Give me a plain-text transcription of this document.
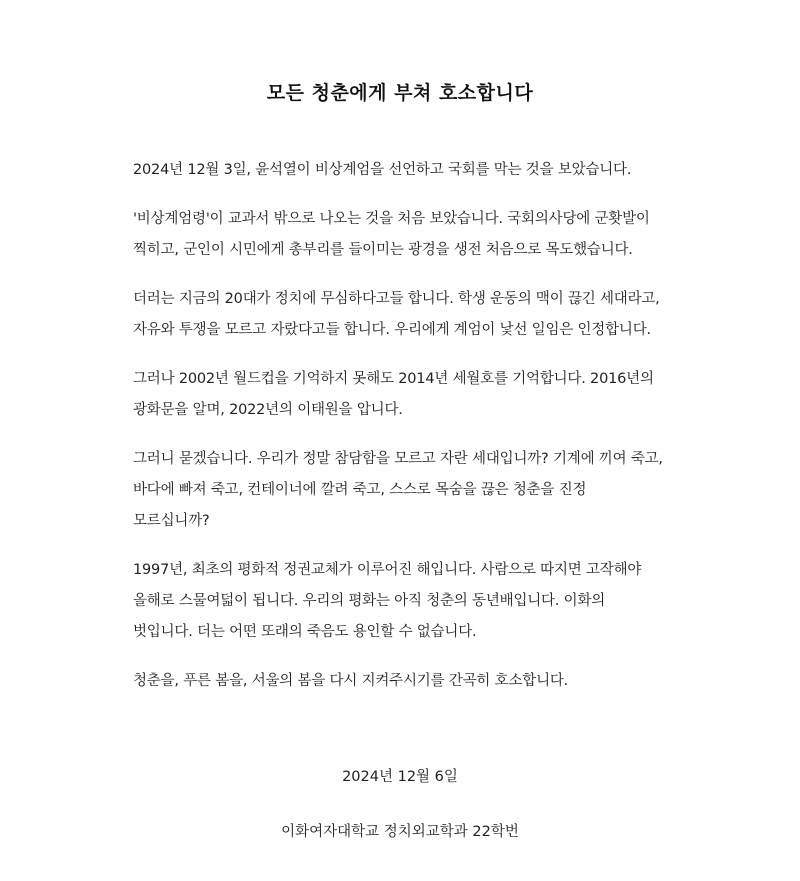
모든 청춘에게 부쳐 호소합니다

2024년 12월 3일, 윤석열이 비상계엄을 선언하고 국회를 막는 것을 보았습니다.

'비상계엄령'이 교과서 밖으로 나오는 것을 처음 보았습니다. 국회의사당에 군홧발이
찍히고, 군인이 시민에게 총부리를 들이미는 광경을 생전 처음으로 목도했습니다.

더러는 지금의 20대가 정치에 무심하다고들 합니다. 학생 운동의 맥이 끊긴 세대라고,
자유와 투쟁을 모르고 자랐다고들 합니다. 우리에게 계엄이 낯선 일임은 인정합니다.

그러나 2002년 월드컵을 기억하지 못해도 2014년 세월호를 기억합니다. 2016년의
광화문을 알며, 2022년의 이태원을 압니다.

그러니 묻겠습니다. 우리가 정말 참담함을 모르고 자란 세대입니까? 기계에 끼여 죽고,
바다에 빠져 죽고, 컨테이너에 깔려 죽고, 스스로 목숨을 끊은 청춘을 진정
모르십니까?

1997년, 최초의 평화적 정권교체가 이루어진 해입니다. 사람으로 따지면 고작해야
올해로 스물여덟이 됩니다. 우리의 평화는 아직 청춘의 동년배입니다. 이화의
벗입니다. 더는 어떤 또래의 죽음도 용인할 수 없습니다.

청춘을, 푸른 봄을, 서울의 봄을 다시 지켜주시기를 간곡히 호소합니다.

2024년 12월 6일

이화여자대학교 정치외교학과 22학번
